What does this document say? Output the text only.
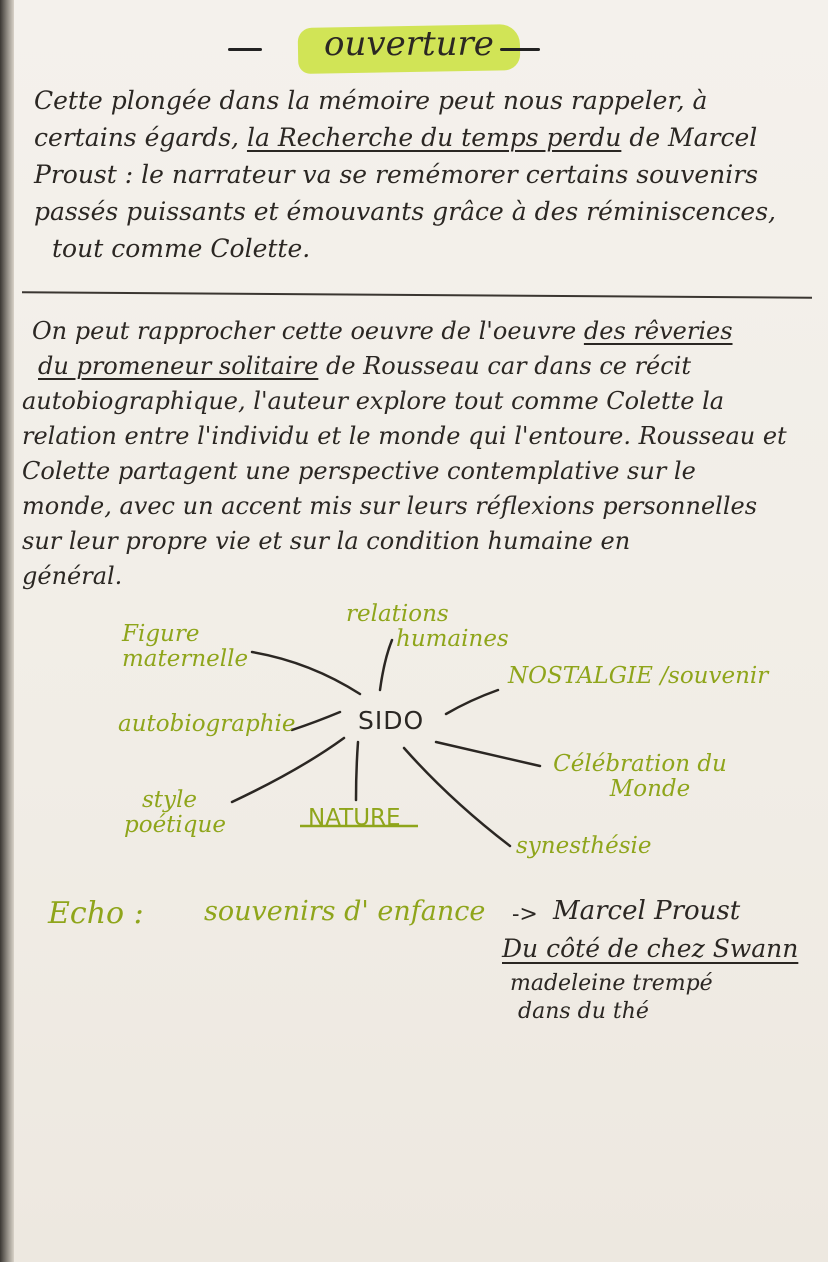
ouverture
Cette plongée dans la mémoire peut nous rappeler, à
certains égards, la Recherche du temps perdu de Marcel
Proust : le narrateur va se remémorer certains souvenirs
passés puissants et émouvants grâce à des réminiscences,
tout comme Colette.
On peut rapprocher cette oeuvre de l'oeuvre des rêveries
du promeneur solitaire de Rousseau car dans ce récit
autobiographique, l'auteur explore tout comme Colette la
relation entre l'individu et le monde qui l'entoure. Rousseau et
Colette partagent une perspective contemplative sur le
monde, avec un accent mis sur leurs réflexions personnelles
sur leur propre vie et sur la condition humaine en
général.
Figure
maternelle
relations
humaines
NOSTALGIE /souvenir
autobiographie	SIDO
Célébration du
Monde
style
poétique	NATURE
synesthésie
Echo : souvenirs d' enfance -> Marcel Proust
Du côté de chez Swann
madeleine trempé
dans du thé
